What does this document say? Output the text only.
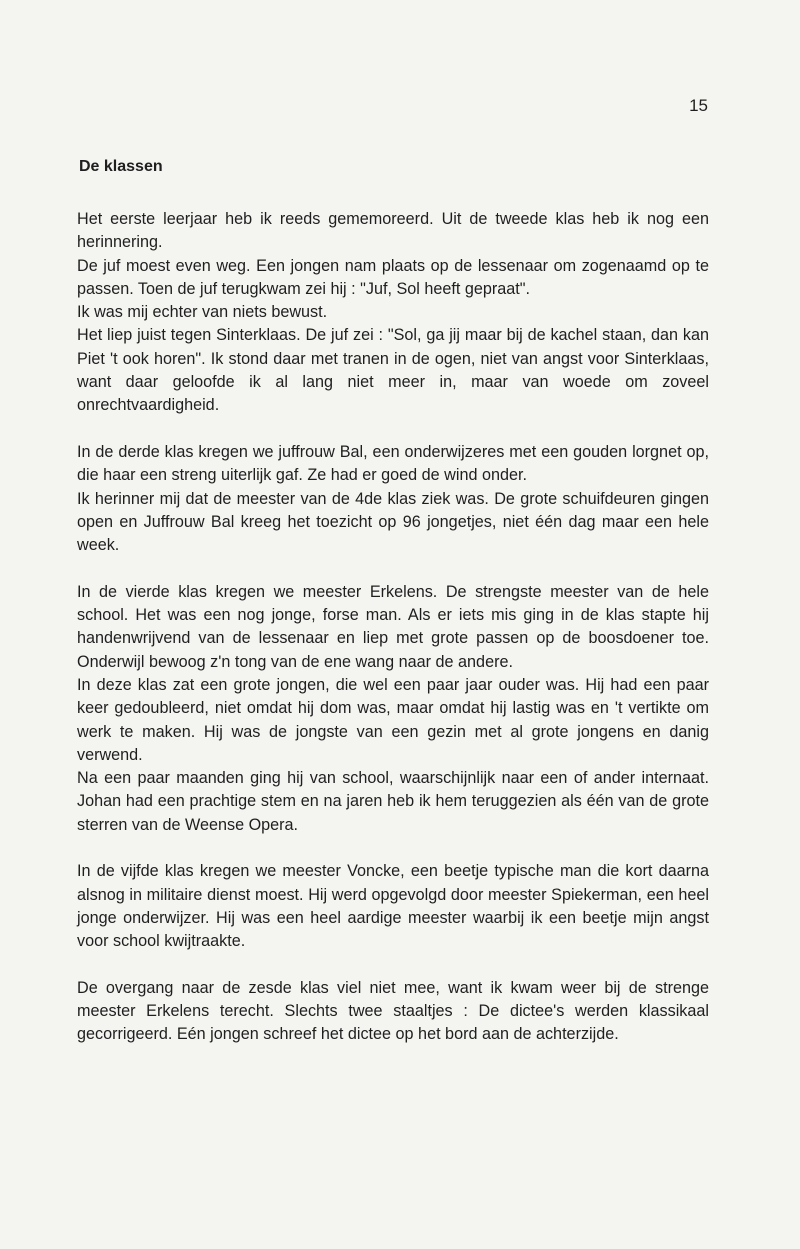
15
De klassen
Het eerste leerjaar heb ik reeds gememoreerd. Uit de tweede klas heb ik nog een herinnering.
De juf moest even weg. Een jongen nam plaats op de lessenaar om zogenaamd op te passen. Toen de juf terugkwam zei hij : "Juf, Sol heeft gepraat".
Ik was mij echter van niets bewust.
Het liep juist tegen Sinterklaas. De juf zei : "Sol, ga jij maar bij de kachel staan, dan kan Piet 't ook horen". Ik stond daar met tranen in de ogen, niet van angst voor Sinterklaas, want daar geloofde ik al lang niet meer in, maar van woede om zoveel onrechtvaardigheid.
In de derde klas kregen we juffrouw Bal, een onderwijzeres met een gouden lorgnet op, die haar een streng uiterlijk gaf. Ze had er goed de wind onder.
Ik herinner mij dat de meester van de 4de klas ziek was. De grote schuifdeuren gingen open en Juffrouw Bal kreeg het toezicht op 96 jongetjes, niet één dag maar een hele week.
In de vierde klas kregen we meester Erkelens. De strengste meester van de hele school. Het was een nog jonge, forse man. Als er iets mis ging in de klas stapte hij handenwrijvend van de lessenaar en liep met grote passen op de boosdoener toe. Onderwijl bewoog z'n tong van de ene wang naar de andere.
In deze klas zat een grote jongen, die wel een paar jaar ouder was. Hij had een paar keer gedoubleerd, niet omdat hij dom was, maar omdat hij lastig was en 't vertikte om werk te maken. Hij was de jongste van een gezin met al grote jongens en danig verwend.
Na een paar maanden ging hij van school, waarschijnlijk naar een of ander internaat. Johan had een prachtige stem en na jaren heb ik hem teruggezien als één van de grote sterren van de Weense Opera.
In de vijfde klas kregen we meester Voncke, een beetje typische man die kort daarna alsnog in militaire dienst moest. Hij werd opgevolgd door meester Spiekerman, een heel jonge onderwijzer. Hij was een heel aardige meester waarbij ik een beetje mijn angst voor school kwijtraakte.
De overgang naar de zesde klas viel niet mee, want ik kwam weer bij de strenge meester Erkelens terecht. Slechts twee staaltjes : De dictee's werden klassikaal gecorrigeerd. Eén jongen schreef het dictee op het bord aan de achterzijde.
